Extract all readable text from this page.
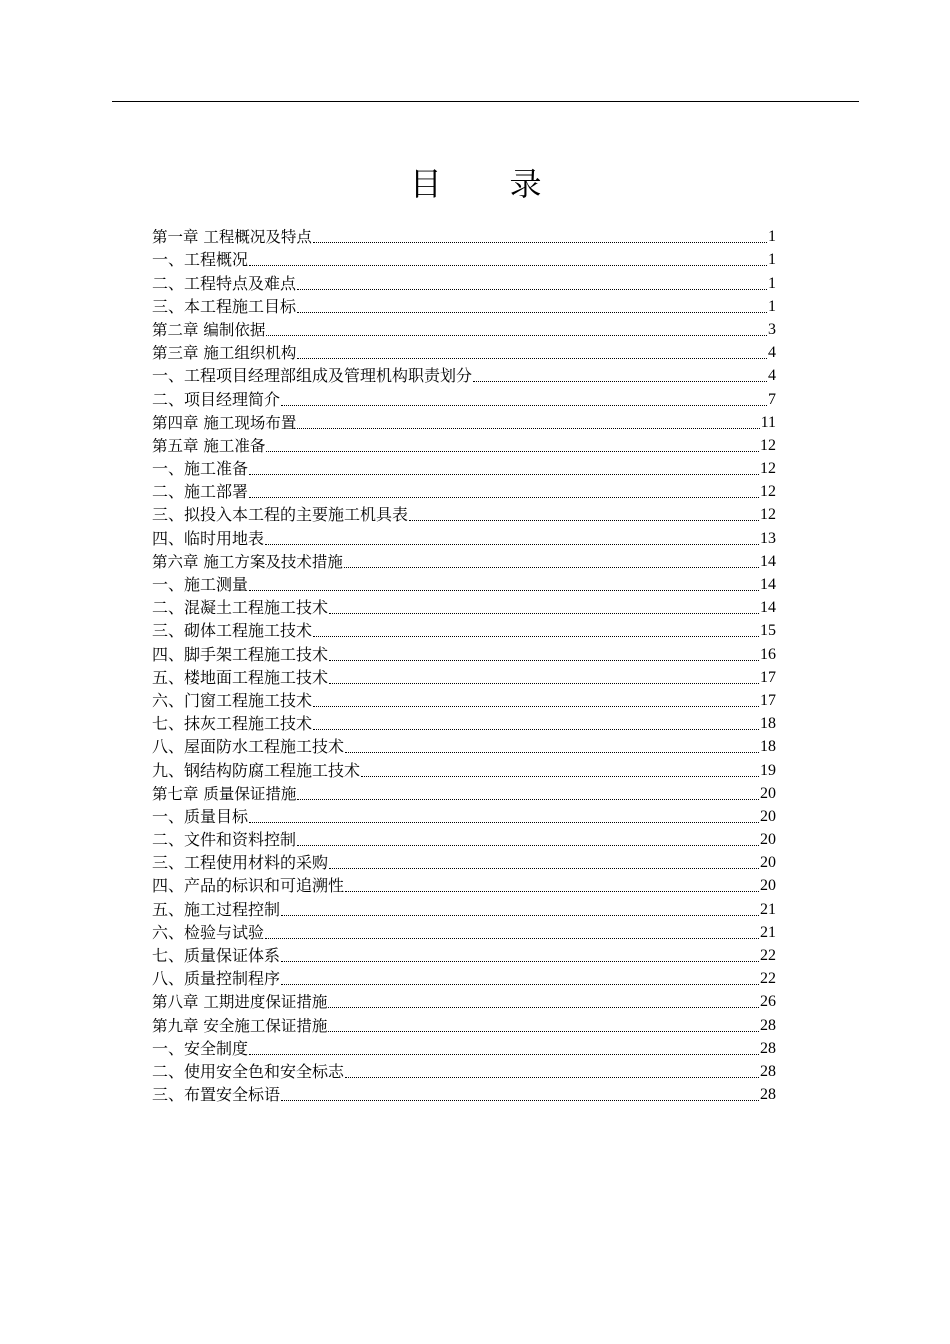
目 录
第一章 工程概况及特点	1
一、工程概况	1
二、工程特点及难点	1
三、本工程施工目标	1
第二章 编制依据	3
第三章 施工组织机构	4
一、工程项目经理部组成及管理机构职责划分	4
二、项目经理简介	7
第四章 施工现场布置	11
第五章 施工准备	12
一、施工准备	12
二、施工部署	12
三、拟投入本工程的主要施工机具表	12
四、临时用地表	13
第六章 施工方案及技术措施	14
一、施工测量	14
二、混凝土工程施工技术	14
三、砌体工程施工技术	15
四、脚手架工程施工技术	16
五、楼地面工程施工技术	17
六、门窗工程施工技术	17
七、抹灰工程施工技术	18
八、屋面防水工程施工技术	18
九、钢结构防腐工程施工技术	19
第七章 质量保证措施	20
一、质量目标	20
二、文件和资料控制	20
三、工程使用材料的采购	20
四、产品的标识和可追溯性	20
五、施工过程控制	21
六、检验与试验	21
七、质量保证体系	22
八、质量控制程序	22
第八章 工期进度保证措施	26
第九章 安全施工保证措施	28
一、安全制度	28
二、使用安全色和安全标志	28
三、布置安全标语	28
